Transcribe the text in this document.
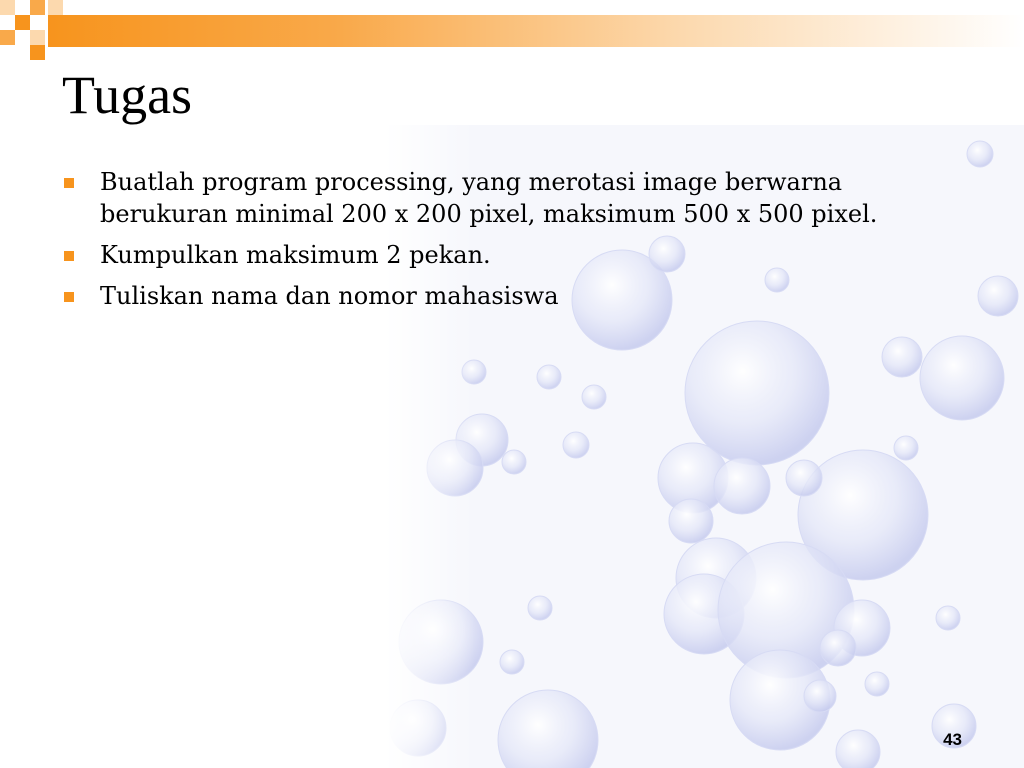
Tugas
Buatlah program processing, yang merotasi image berwarna berukuran minimal 200 x 200 pixel, maksimum 500 x 500 pixel.
Kumpulkan maksimum 2 pekan.
Tuliskan nama dan nomor mahasiswa
43
